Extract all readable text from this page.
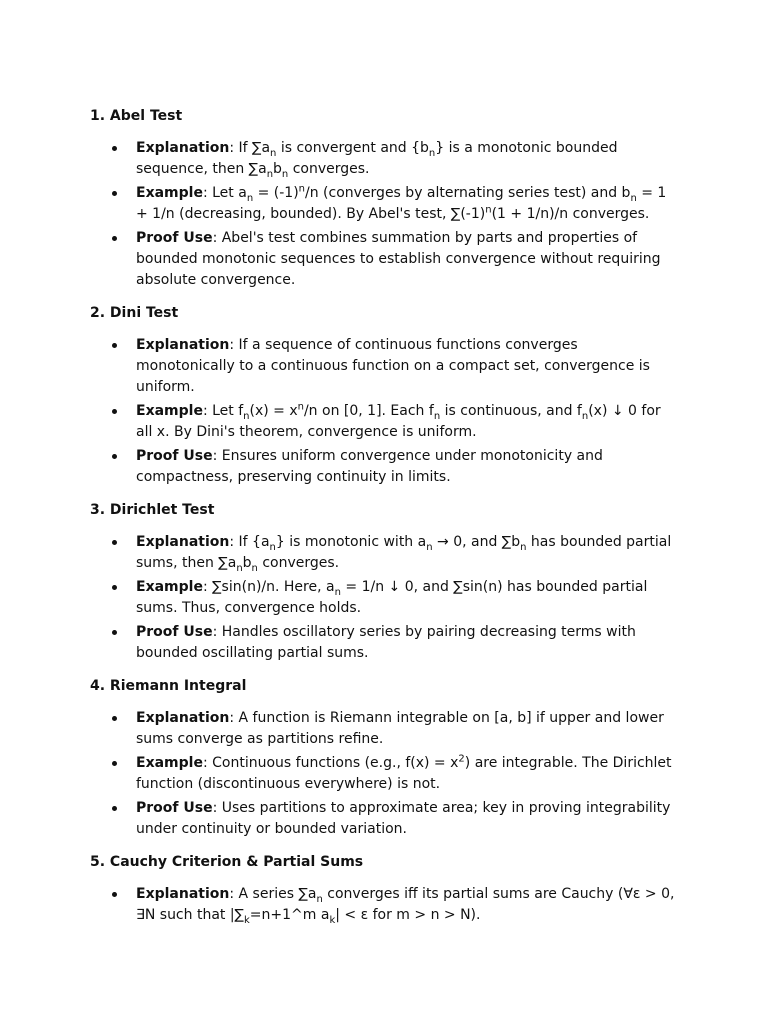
1. Abel Test
Explanation: If $\sum a_n$ is convergent and $\{b_n\}$ is a monotonic bounded sequence, then $\sum a_nb_n$ converges.
Example: Let $a_n = (-1)^n/n$ (converges by alternating series test) and $b_n = 1 + 1/n$ (decreasing, bounded). By Abel's test, $\sum(-1)^n(1 + 1/n)/n$ converges.
Proof Use: Abel's test combines summation by parts and properties of bounded monotonic sequences to establish convergence without requiring absolute convergence.
2. Dini Test
Explanation: If a sequence of continuous functions converges monotonically to a continuous function on a compact set, convergence is uniform.
Example: Let $f_n(x) = x^n/n$ on [0, 1]. Each $f_n$ is continuous, and $f_n(x)$ ↓ 0 for all x. By Dini's theorem, convergence is uniform.
Proof Use: Ensures uniform convergence under monotonicity and compactness, preserving continuity in limits.
3. Dirichlet Test
Explanation: If $\{a_n\}$ is monotonic with $a_n \to 0$, and $\sum b_n$ has bounded partial sums, then $\sum a_nb_n$ converges.
Example: ∑sin(n)/n. Here, $a_n = 1/n$ ↓ 0, and ∑sin(n) has bounded partial sums. Thus, convergence holds.
Proof Use: Handles oscillatory series by pairing decreasing terms with bounded oscillating partial sums.
4. Riemann Integral
Explanation: A function is Riemann integrable on [a, b] if upper and lower sums converge as partitions refine.
Example: Continuous functions (e.g., $f(x) = x^2$) are integrable. The Dirichlet function (discontinuous everywhere) is not.
Proof Use: Uses partitions to approximate area; key in proving integrability under continuity or bounded variation.
5. Cauchy Criterion & Partial Sums
Explanation: A series $\sum a_n$ converges iff its partial sums are Cauchy (∀ε > 0, ∃N such that $|\sum_k=n+1\^{}m$ $a_k| < \varepsilon$ for m > n > N).
